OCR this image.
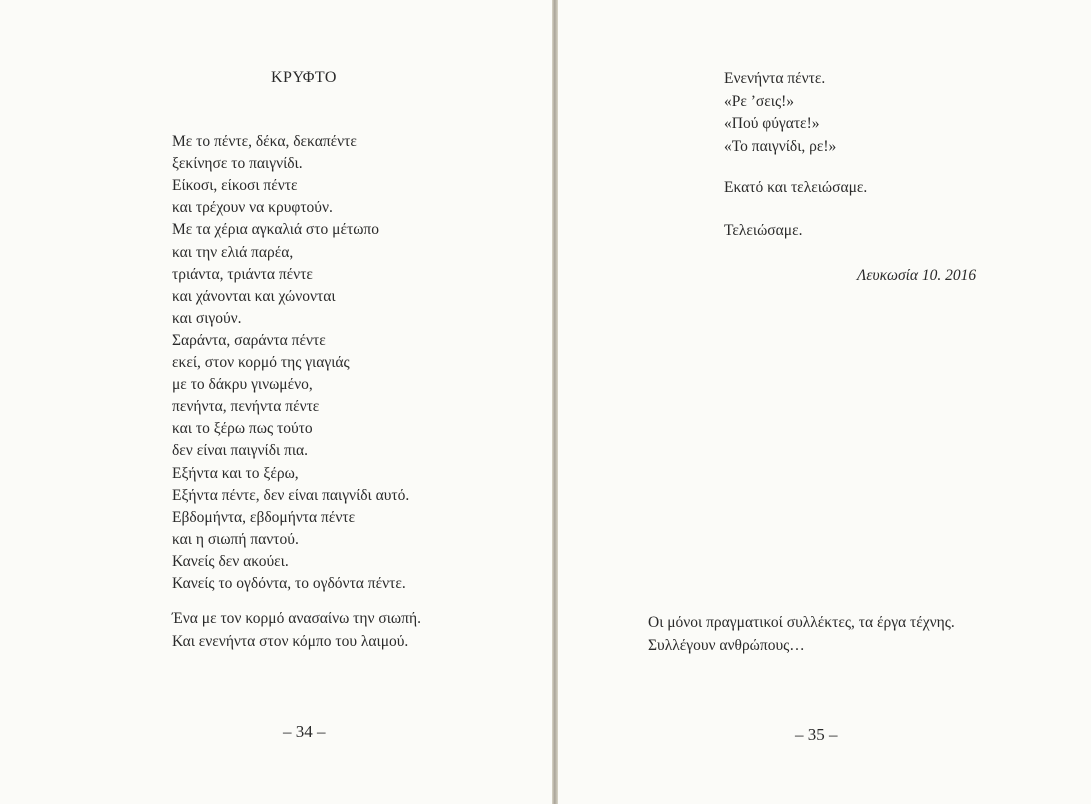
ΚΡΥΦΤΟ
Με το πέντε, δέκα, δεκαπέντε
ξεκίνησε το παιγνίδι.
Είκοσι, είκοσι πέντε
και τρέχουν να κρυφτούν.
Με τα χέρια αγκαλιά στο μέτωπο
και την ελιά παρέα,
τριάντα, τριάντα πέντε
και χάνονται και χώνονται
και σιγούν.
Σαράντα, σαράντα πέντε
εκεί, στον κορμό της γιαγιάς
με το δάκρυ γινωμένο,
πενήντα, πενήντα πέντε
και το ξέρω πως τούτο
δεν είναι παιγνίδι πια.
Εξήντα και το ξέρω,
Εξήντα πέντε, δεν είναι παιγνίδι αυτό.
Εβδομήντα, εβδομήντα πέντε
και η σιωπή παντού.
Κανείς δεν ακούει.
Κανείς το ογδόντα, το ογδόντα πέντε.
Ένα με τον κορμό ανασαίνω την σιωπή.
Και ενενήντα στον κόμπο του λαιμού.
– 34 –
Ενενήντα πέντε.
«Ρε ’σεις!»
«Πού φύγατε!»
«Το παιγνίδι, ρε!»
Εκατό και τελειώσαμε.
Τελειώσαμε.
Λευκωσία 10. 2016
Οι μόνοι πραγματικοί συλλέκτες, τα έργα τέχνης.
Συλλέγουν ανθρώπους…
– 35 –
